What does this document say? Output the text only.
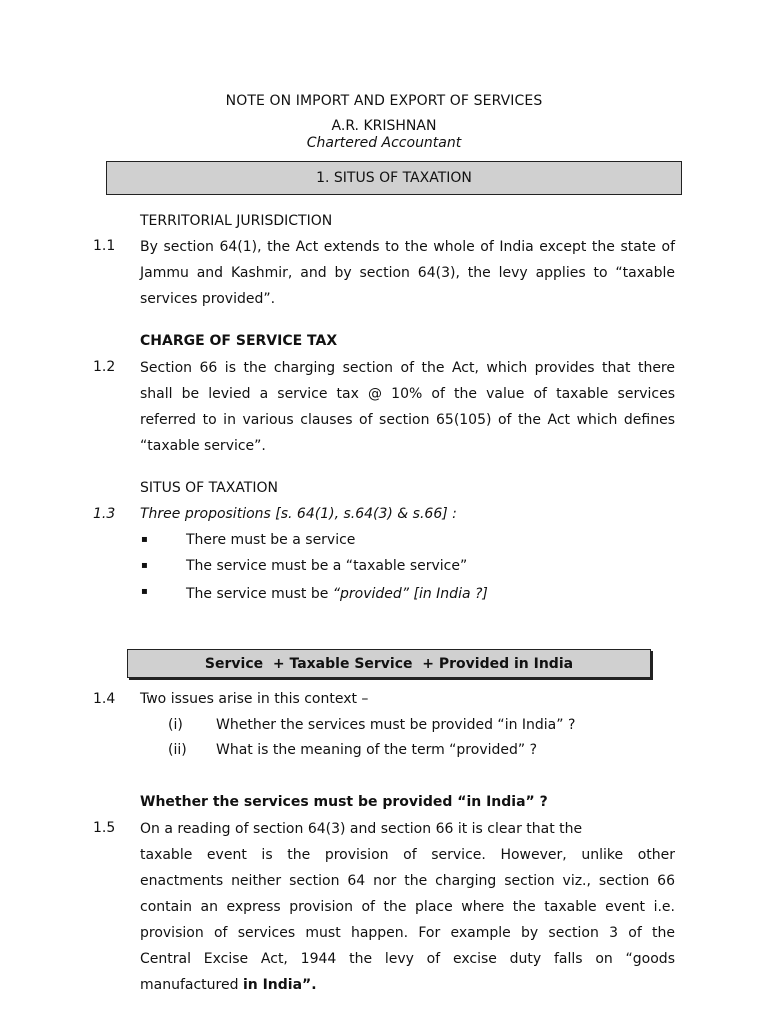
NOTE ON IMPORT AND EXPORT OF SERVICES
A.R. KRISHNAN
Chartered Accountant
1. SITUS OF TAXATION
TERRITORIAL JURISDICTION
1.1 By section 64(1), the Act extends to the whole of India except the state of
Jammu and Kashmir, and by section 64(3), the levy applies to “taxable
services provided”.
CHARGE OF SERVICE TAX
1.2 Section 66 is the charging section of the Act, which provides that there
shall be levied a service tax @ 10% of the value of taxable services
referred to in various clauses of section 65(105) of the Act which defines
“taxable service”.
SITUS OF TAXATION
1.3 Three propositions [s. 64(1), s.64(3) & s.66] :
▪	There must be a service
▪	The service must be a “taxable service”
▪	The service must be “provided” [in India ?]
Service  + Taxable Service  + Provided in India
1.4 Two issues arise in this context –
(i) Whether the services must be provided “in India” ?
(ii) What is the meaning of the term “provided” ?
Whether the services must be provided “in India” ?
1.5 On a reading of section 64(3) and section 66 it is clear that the
taxable event is the provision of service. However, unlike other
enactments neither section 64 nor the charging section viz., section 66
contain an express provision of the place where the taxable event i.e.
provision of services must happen. For example by section 3 of the
Central Excise Act, 1944 the levy of excise duty falls on “goods
manufactured in India”.
